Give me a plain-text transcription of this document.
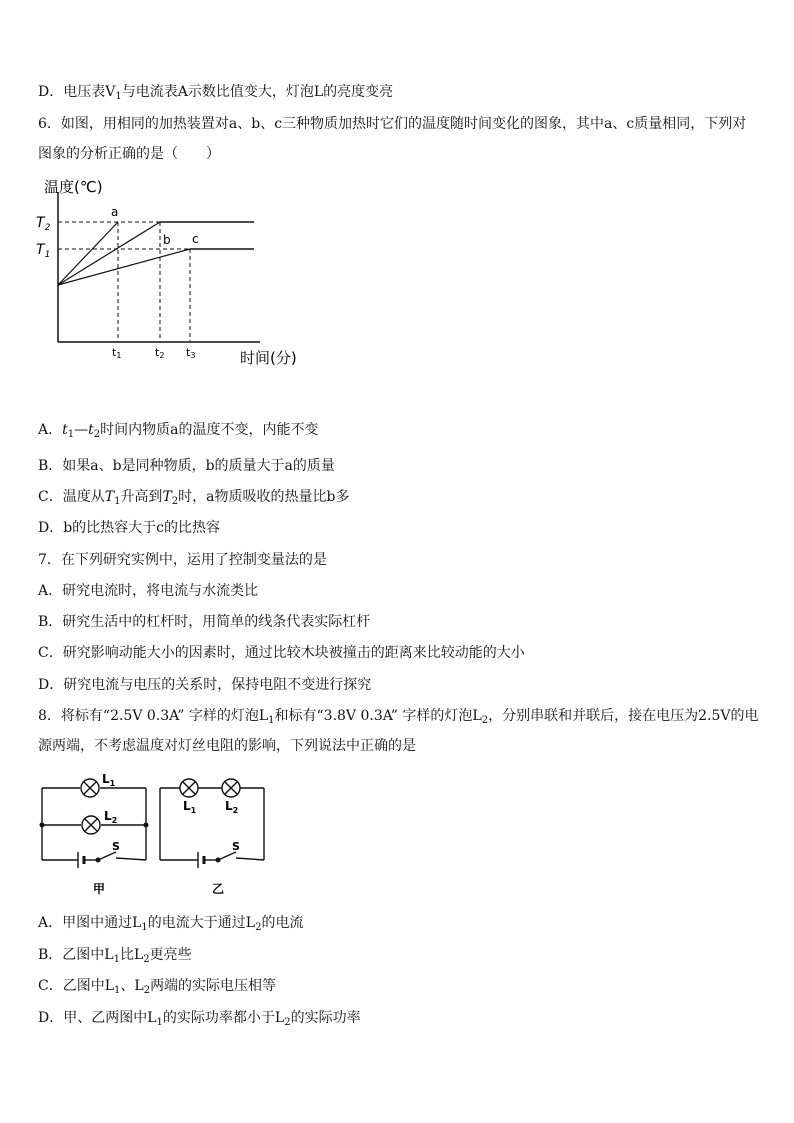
D．电压表$V_1$与电流表A示数比值变大，灯泡L的亮度变亮
6．如图，用相同的加热装置对a、b、c三种物质加热时它们的温度随时间变化的图象，其中a、c质量相同，下列对图象的分析正确的是（　　）
温度(℃)
时间(分)
$T_2$
$T_1$
t1	t2 t3
a
b c
A．$t_1—t_2$时间内物质a的温度不变，内能不变
B．如果a、b是同种物质，b的质量大于a的质量
C．温度从$T_1$升高到$T_2$时，a物质吸收的热量比b多
D．b的比热容大于c的比热容
7．在下列研究实例中，运用了控制变量法的是
A．研究电流时，将电流与水流类比
B．研究生活中的杠杆时，用简单的线条代表实际杠杆
C．研究影响动能大小的因素时，通过比较木块被撞击的距离来比较动能的大小
D．研究电流与电压的关系时，保持电阻不变进行探究
8．将标有“2.5V 0.3A” 字样的灯泡$L_1$和标有“3.8V 0.3A” 字样的灯泡$L_2$，分别串联和并联后，接在电压为2.5V的电源两端，不考虑温度对灯丝电阻的影响，下列说法中正确的是
$L_1$
$L_2$
S
甲
$L_1$ $L_2$
S
乙
A．甲图中通过$L_1$的电流大于通过$L_2$的电流
B．乙图中$L_1$比$L_2$更亮些
C．乙图中$L_1$、$L_2$两端的实际电压相等
D．甲、乙两图中$L_1$的实际功率都小于$L_2$的实际功率
